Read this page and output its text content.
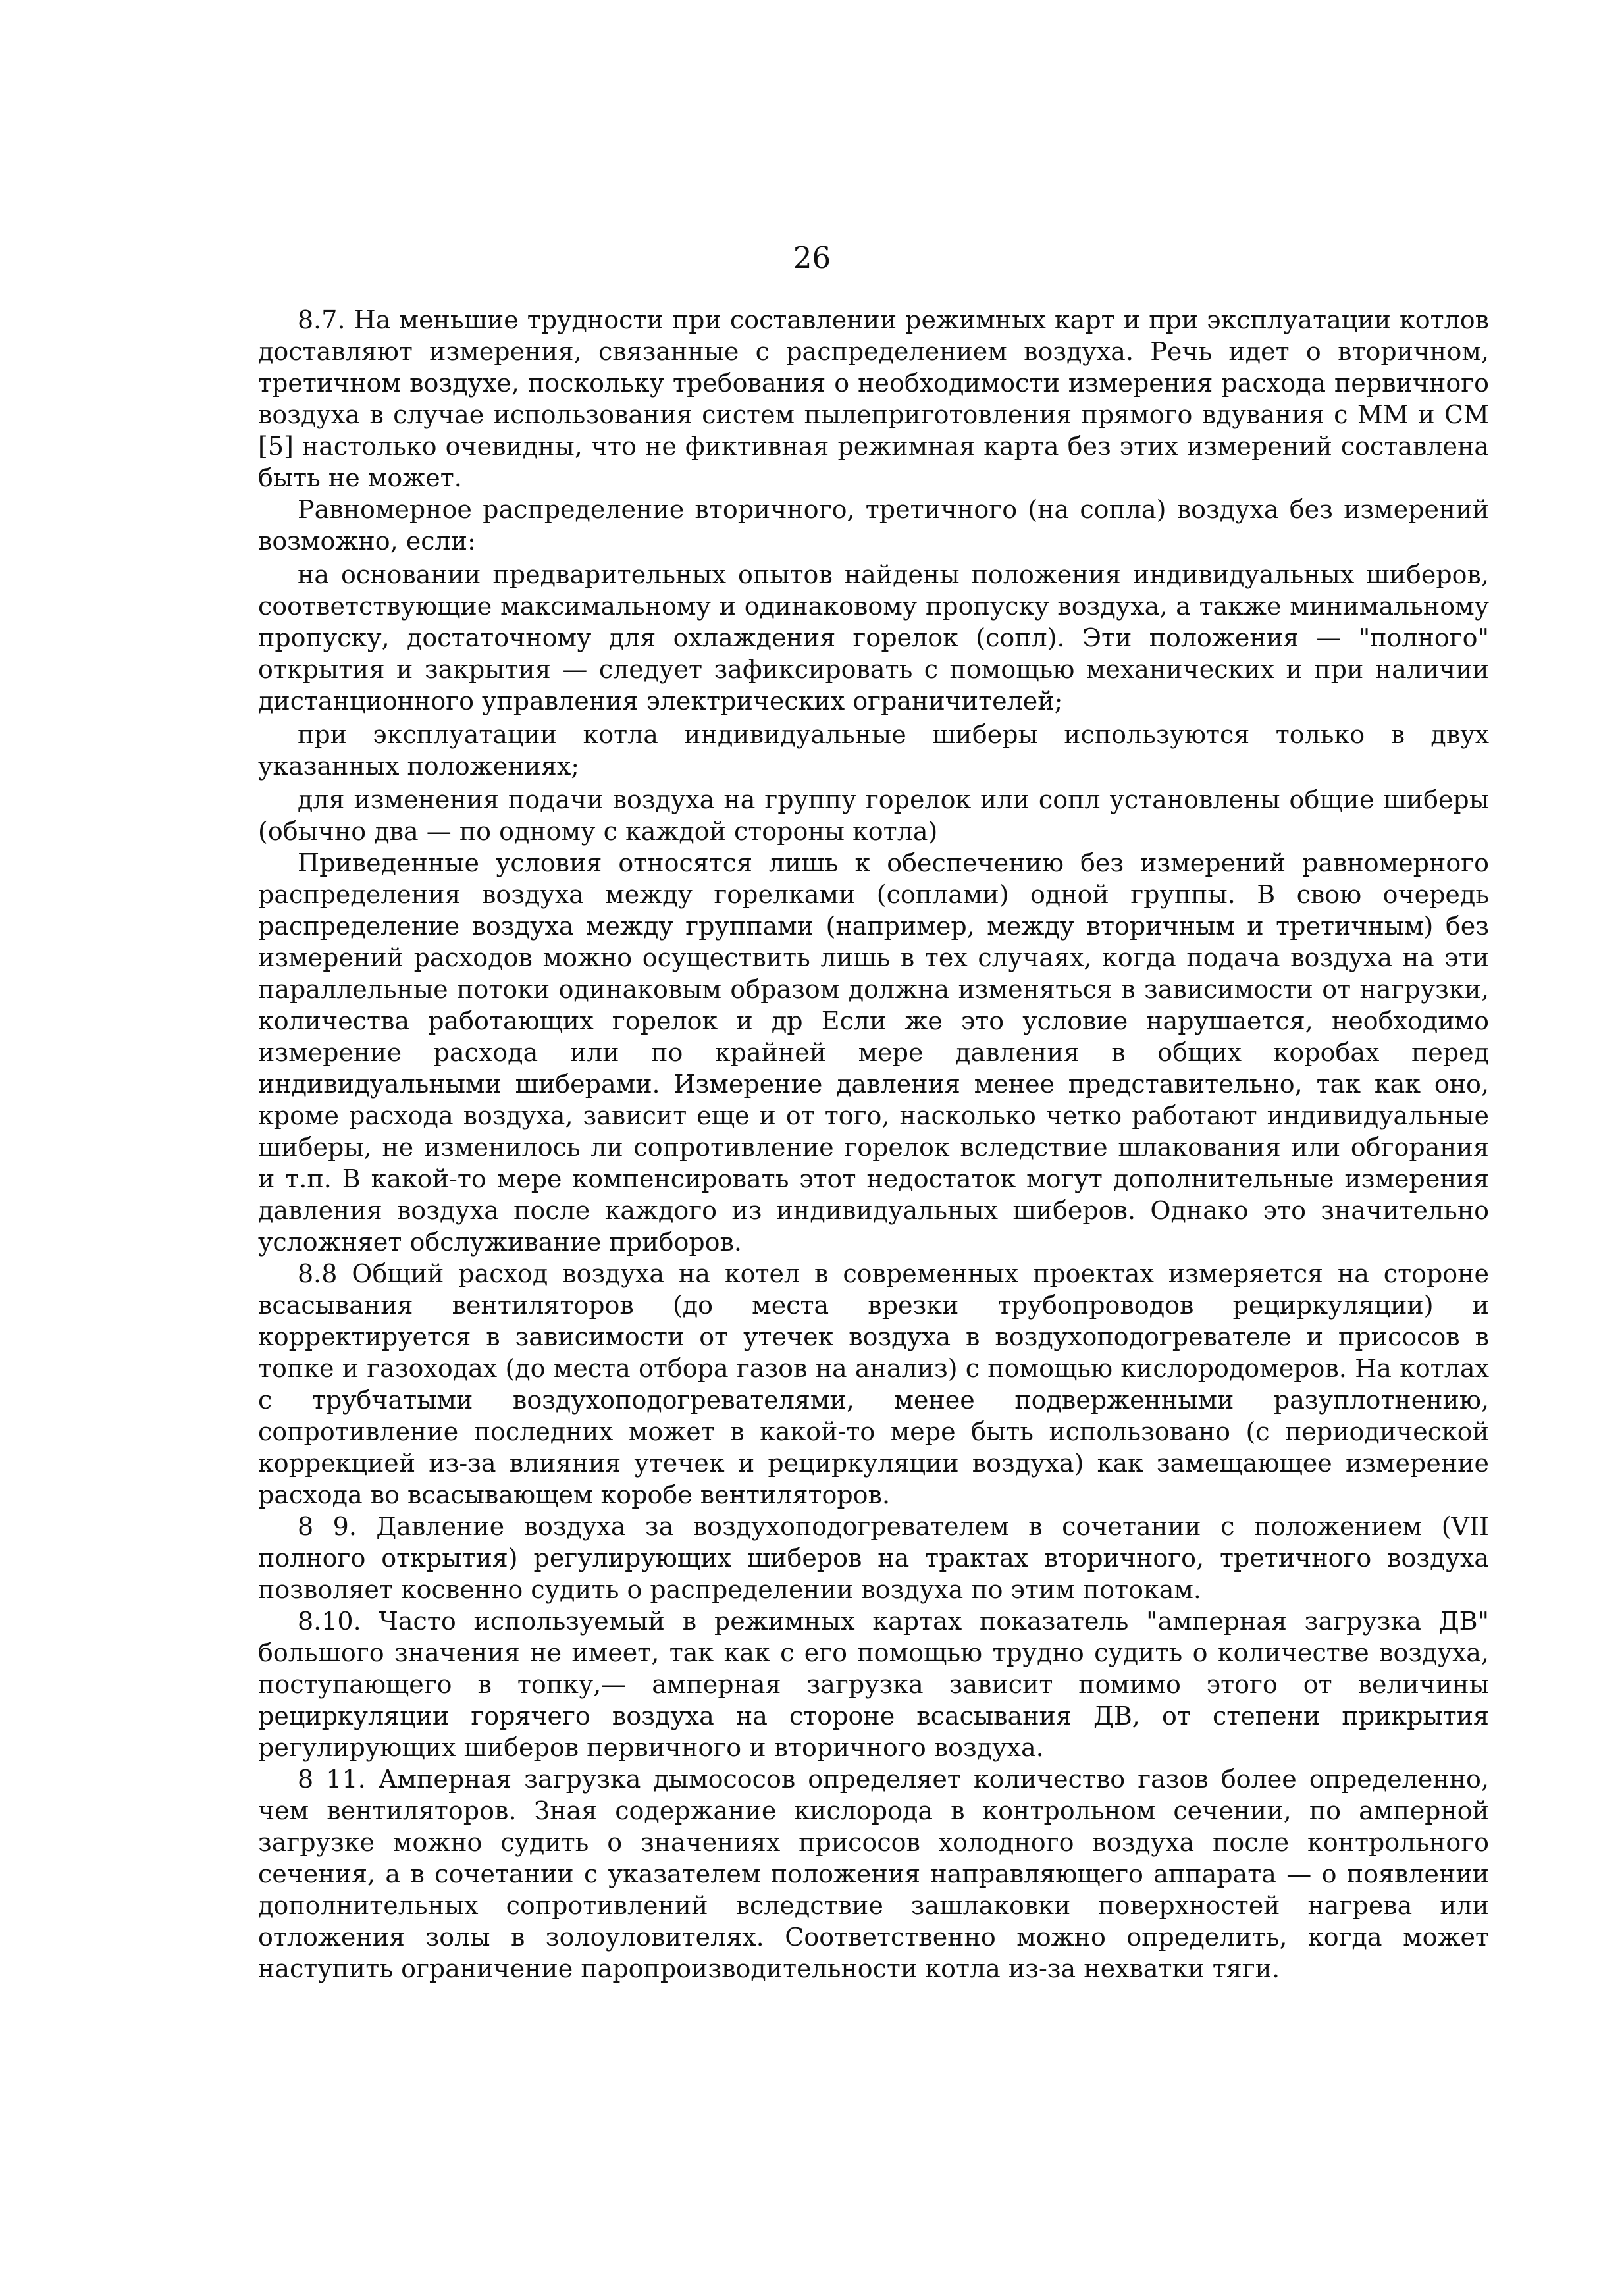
26

8.7. На меньшие трудности при составлении режимных карт и при эксплуатации котлов доставляют измерения, связанные с распределением воздуха. Речь идет о вторичном, третичном воздухе, поскольку требования о необходимости измерения расхода первичного воздуха в случае использования систем пылеприготовления прямого вдувания с ММ и СМ [5] настолько очевидны, что не фиктивная режимная карта без этих измерений составлена быть не может.

Равномерное распределение вторичного, третичного (на сопла) воздуха без измерений возможно, если:

на основании предварительных опытов найдены положения индивидуальных шиберов, соответствующие максимальному и одинаковому пропуску воздуха, а также минимальному пропуску, достаточному для охлаждения горелок (сопл). Эти положения — "полного" открытия и закрытия — следует зафиксировать с помощью механических и при наличии дистанционного управления электрических ограничителей;

при эксплуатации котла индивидуальные шиберы используются только в двух указанных положениях;

для изменения подачи воздуха на группу горелок или сопл установлены общие шиберы (обычно два — по одному с каждой стороны котла)

Приведенные условия относятся лишь к обеспечению без измерений равномерного распределения воздуха между горелками (соплами) одной группы. В свою очередь распределение воздуха между группами (например, между вторичным и третичным) без измерений расходов можно осуществить лишь в тех случаях, когда подача воздуха на эти параллельные потоки одинаковым образом должна изменяться в зависимости от нагрузки, количества работающих горелок и др Если же это условие нарушается, необходимо измерение расхода или по крайней мере давления в общих коробах перед индивидуальными шиберами. Измерение давления менее представительно, так как оно, кроме расхода воздуха, зависит еще и от того, насколько четко работают индивидуальные шиберы, не изменилось ли сопротивление горелок вследствие шлакования или обгорания и т.п. В какой-то мере компенсировать этот недостаток могут дополнительные измерения давления воздуха после каждого из индивидуальных шиберов. Однако это значительно усложняет обслуживание приборов.

8.8 Общий расход воздуха на котел в современных проектах измеряется на стороне всасывания вентиляторов (до места врезки трубопроводов рециркуляции) и корректируется в зависимости от утечек воздуха в воздухоподогревателе и присосов в топке и газоходах (до места отбора газов на анализ) с помощью кислородомеров. На котлах с трубчатыми воздухоподогревателями, менее подверженными разуплотнению, сопротивление последних может в какой-то мере быть использовано (с периодической коррекцией из-за влияния утечек и рециркуляции воздуха) как замещающее измерение расхода во всасывающем коробе вентиляторов.

8 9. Давление воздуха за воздухоподогревателем в сочетании с положением (VII полного открытия) регулирующих шиберов на трактах вторичного, третичного воздуха позволяет косвенно судить о распределении воздуха по этим потокам.

8.10. Часто используемый в режимных картах показатель "амперная загрузка ДВ" большого значения не имеет, так как с его помощью трудно судить о количестве воздуха, поступающего в топку,— амперная загрузка зависит помимо этого от величины рециркуляции горячего воздуха на стороне всасывания ДВ, от степени прикрытия регулирующих шиберов первичного и вторичного воздуха.

8 11. Амперная загрузка дымососов определяет количество газов более определенно, чем вентиляторов. Зная содержание кислорода в контрольном сечении, по амперной загрузке можно судить о значениях присосов холодного воздуха после контрольного сечения, а в сочетании с указателем положения направляющего аппарата — о появлении дополнительных сопротивлений вследствие зашлаковки поверхностей нагрева или отложения золы в золоуловителях. Соответственно можно определить, когда может наступить ограничение паропроизводительности котла из-за нехватки тяги.
